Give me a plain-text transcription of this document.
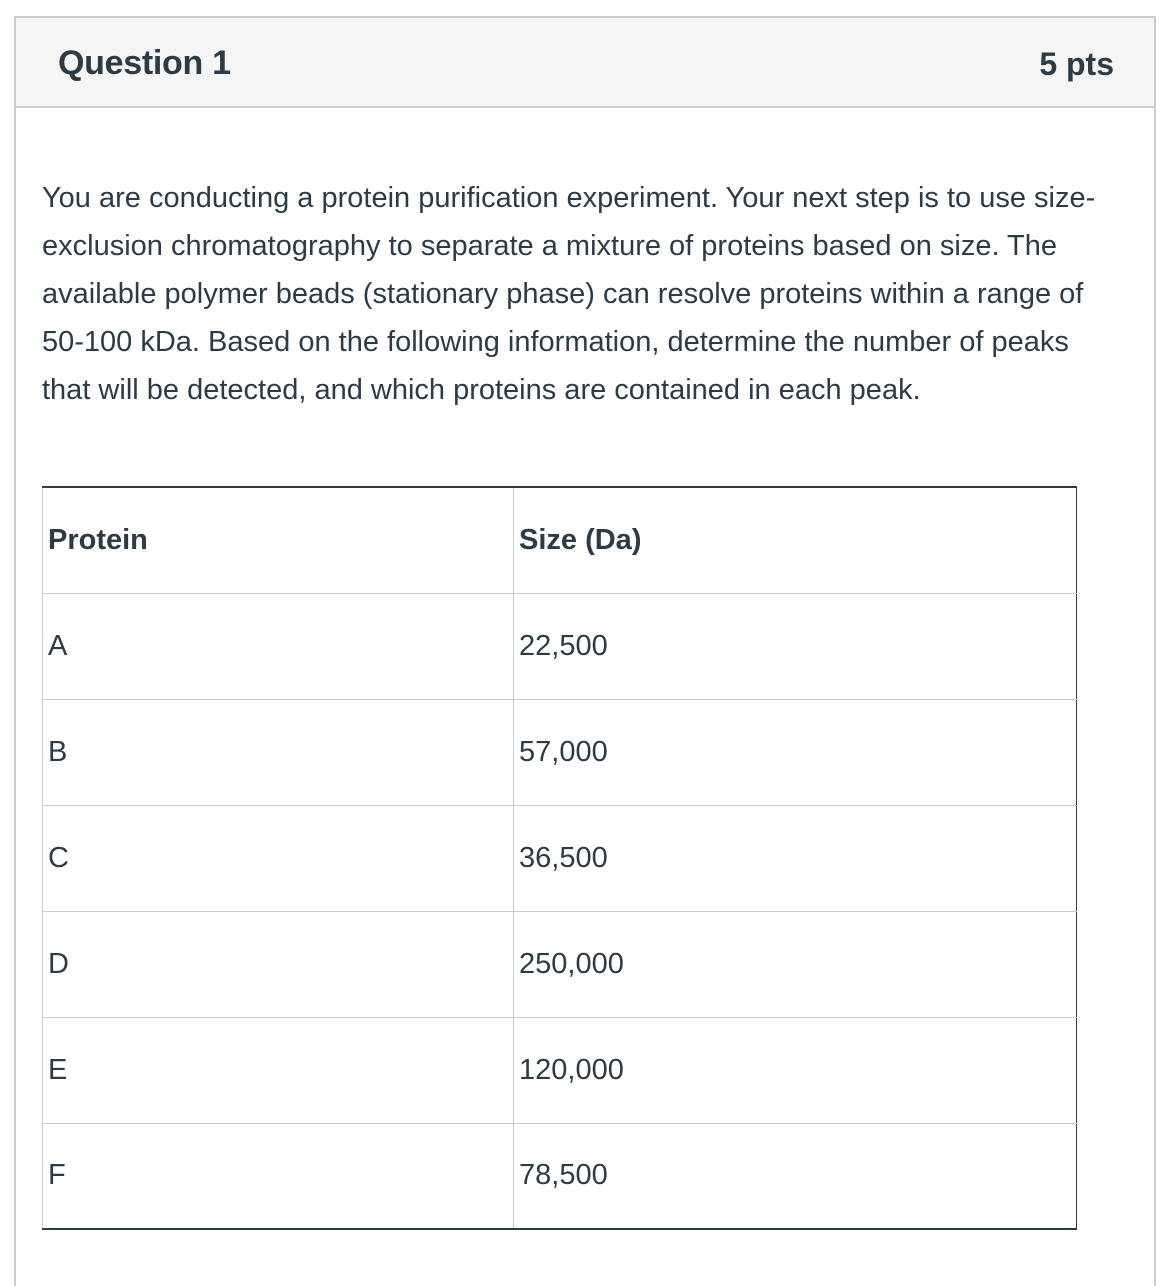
Question 1	5 pts

You are conducting a protein purification experiment. Your next step is to use size-exclusion chromatography to separate a mixture of proteins based on size. The available polymer beads (stationary phase) can resolve proteins within a range of 50-100 kDa. Based on the following information, determine the number of peaks that will be detected, and which proteins are contained in each peak.

Protein	Size (Da)
A	22,500
B	57,000
C	36,500
D	250,000
E	120,000
F	78,500
